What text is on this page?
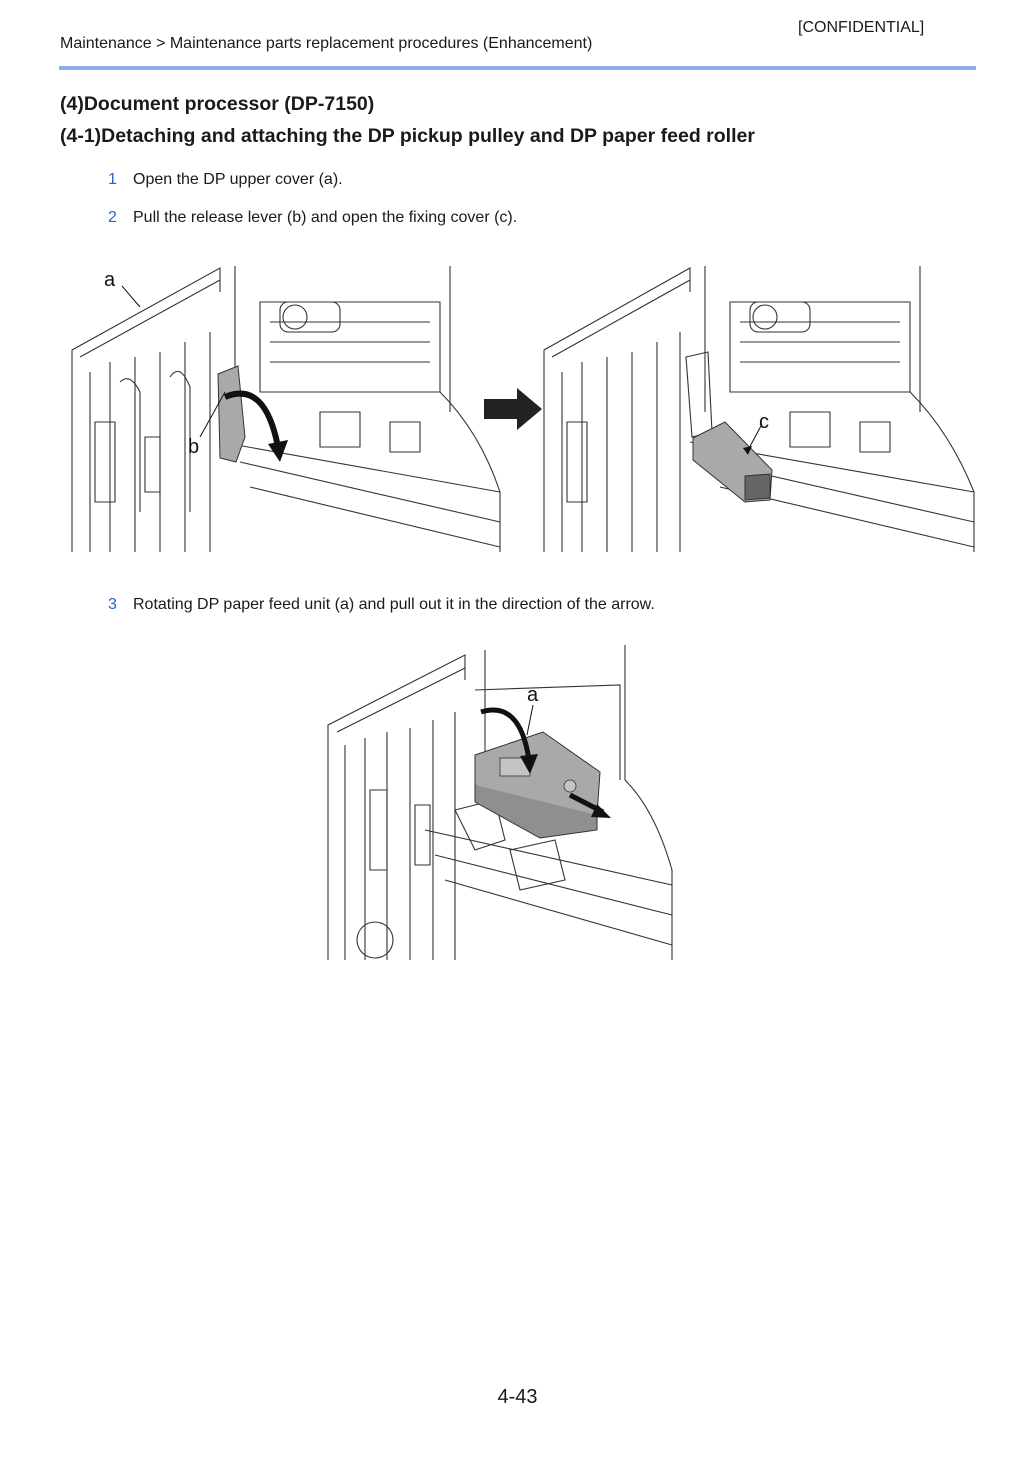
[CONFIDENTIAL]
Maintenance > Maintenance parts replacement procedures (Enhancement)
(4)Document processor (DP-7150)
(4-1)Detaching and attaching the DP pickup pulley and DP paper feed roller
1 Open the DP upper cover (a).
2 Pull the release lever (b) and open the fixing cover (c).
a
b
c
3 Rotating DP paper feed unit (a) and pull out it in the direction of the arrow.
a
4-43
